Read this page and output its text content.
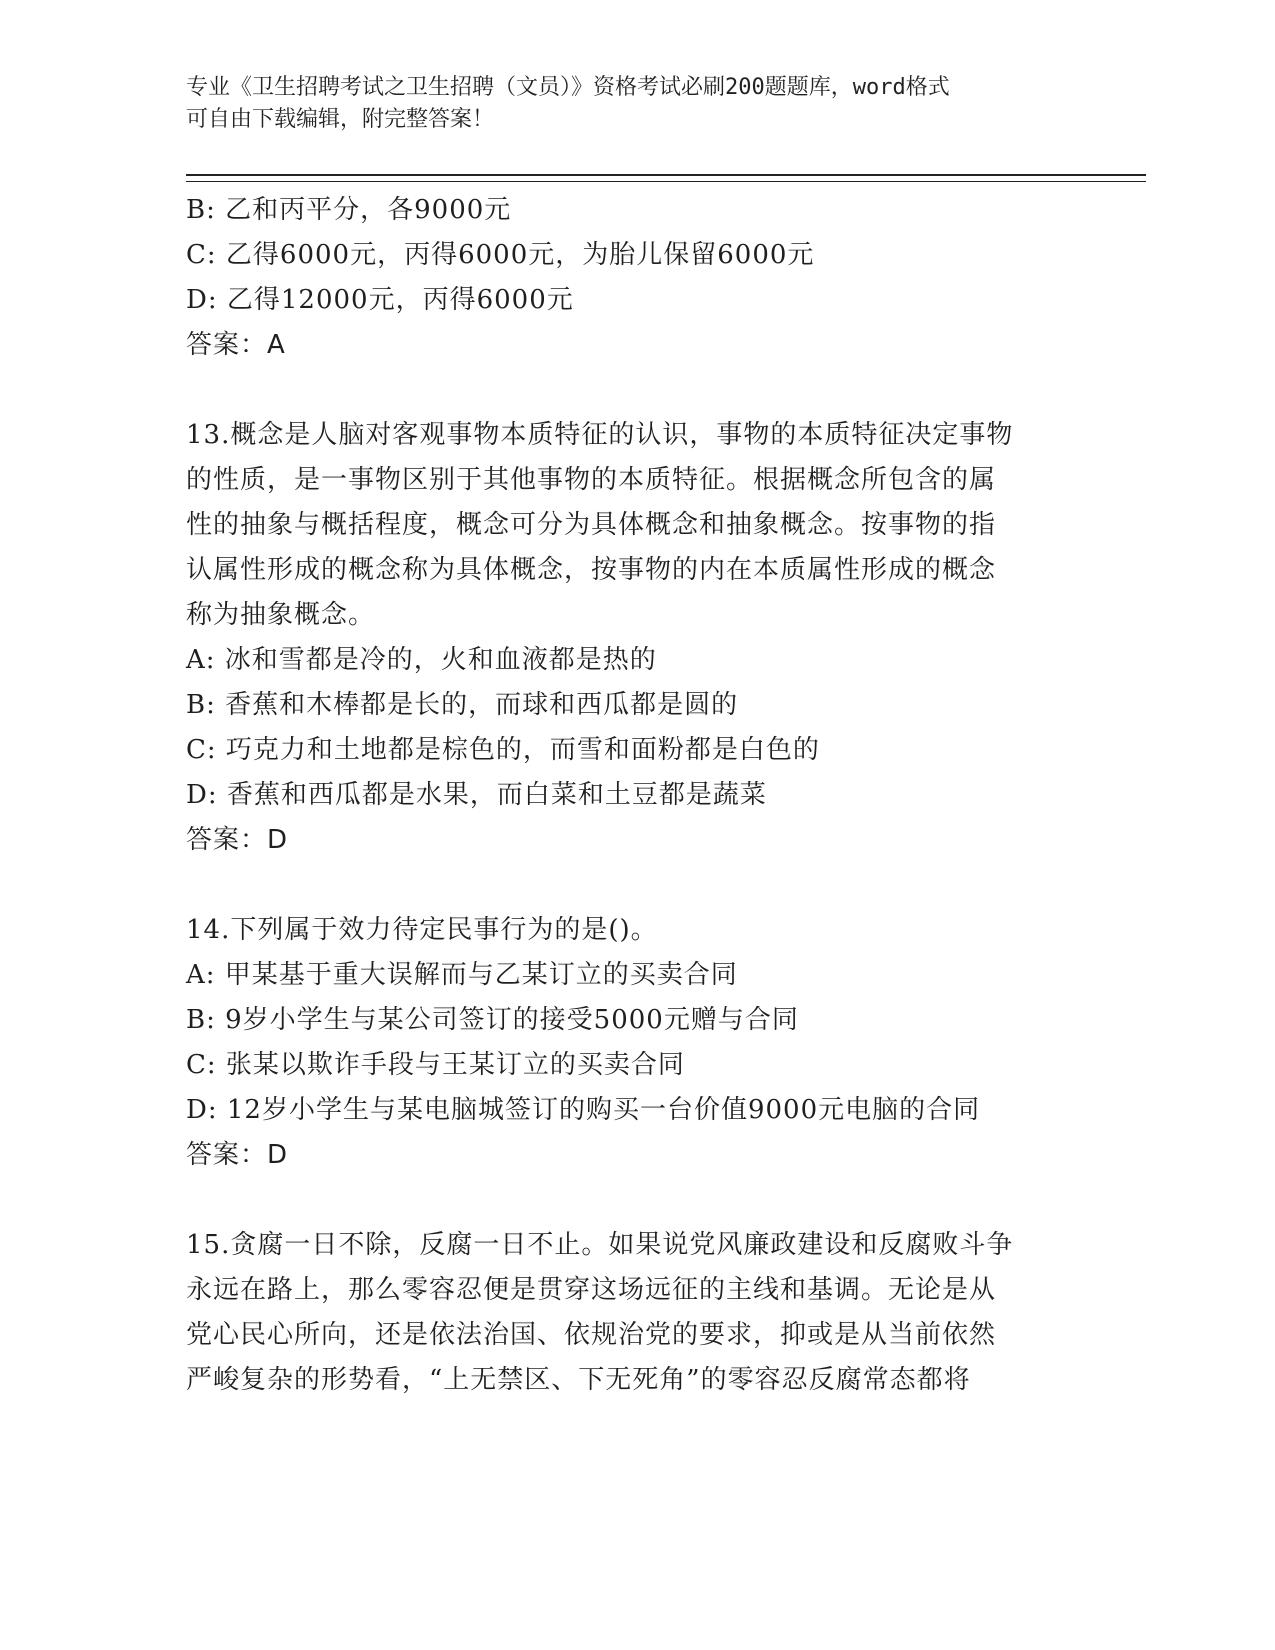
专业《卫生招聘考试之卫生招聘（文员）》资格考试必刷200题题库，word格式
可自由下载编辑，附完整答案！
B: 乙和丙平分，各9000元
C: 乙得6000元，丙得6000元，为胎儿保留6000元
D: 乙得12000元，丙得6000元
答案：A
13.概念是人脑对客观事物本质特征的认识，事物的本质特征决定事物
的性质，是一事物区别于其他事物的本质特征。根据概念所包含的属
性的抽象与概括程度，概念可分为具体概念和抽象概念。按事物的指
认属性形成的概念称为具体概念，按事物的内在本质属性形成的概念
称为抽象概念。
A: 冰和雪都是冷的，火和血液都是热的
B: 香蕉和木棒都是长的，而球和西瓜都是圆的
C: 巧克力和土地都是棕色的，而雪和面粉都是白色的
D: 香蕉和西瓜都是水果，而白菜和土豆都是蔬菜
答案：D
14.下列属于效力待定民事行为的是()。
A: 甲某基于重大误解而与乙某订立的买卖合同
B: 9岁小学生与某公司签订的接受5000元赠与合同
C: 张某以欺诈手段与王某订立的买卖合同
D: 12岁小学生与某电脑城签订的购买一台价值9000元电脑的合同
答案：D
15.贪腐一日不除，反腐一日不止。如果说党风廉政建设和反腐败斗争
永远在路上，那么零容忍便是贯穿这场远征的主线和基调。无论是从
党心民心所向，还是依法治国、依规治党的要求，抑或是从当前依然
严峻复杂的形势看，“上无禁区、下无死角”的零容忍反腐常态都将
